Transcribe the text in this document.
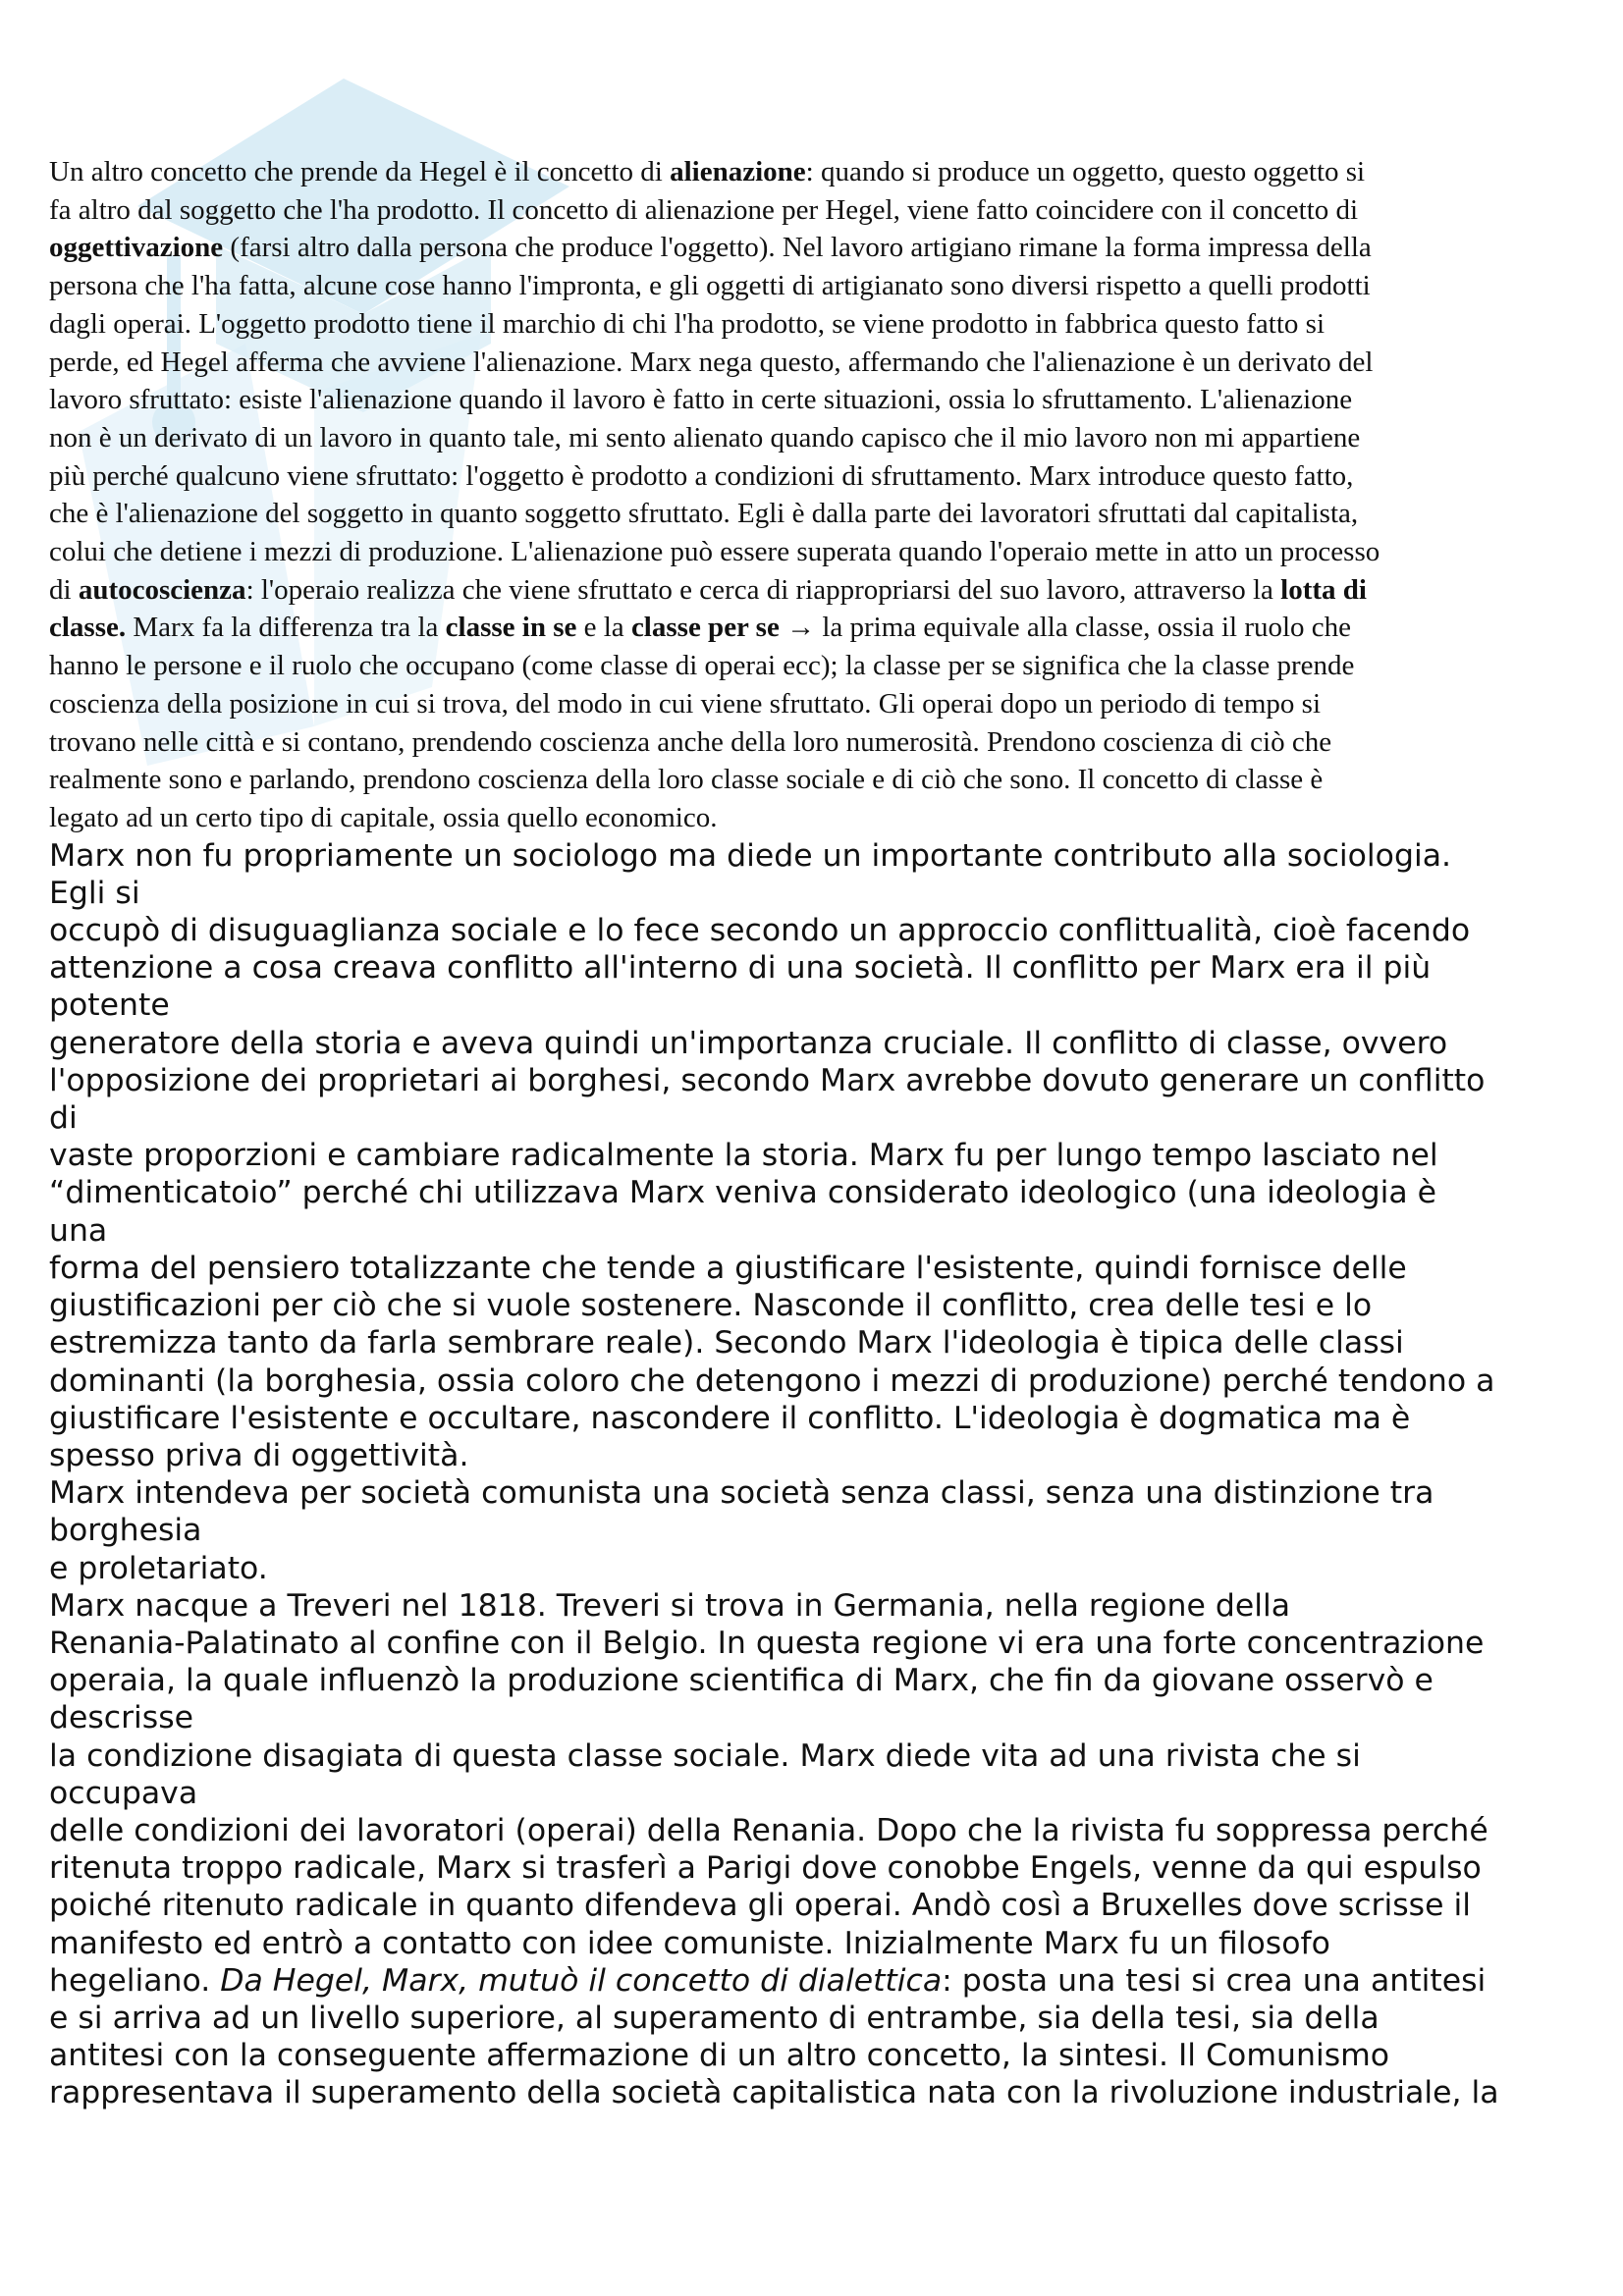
Un altro concetto che prende da Hegel è il concetto di alienazione: quando si produce un oggetto, questo oggetto si
fa altro dal soggetto che l'ha prodotto. Il concetto di alienazione per Hegel, viene fatto coincidere con il concetto di
oggettivazione (farsi altro dalla persona che produce l'oggetto). Nel lavoro artigiano rimane la forma impressa della
persona che l'ha fatta, alcune cose hanno l'impronta, e gli oggetti di artigianato sono diversi rispetto a quelli prodotti
dagli operai. L'oggetto prodotto tiene il marchio di chi l'ha prodotto, se viene prodotto in fabbrica questo fatto si
perde, ed Hegel afferma che avviene l'alienazione. Marx nega questo, affermando che l'alienazione è un derivato del
lavoro sfruttato: esiste l'alienazione quando il lavoro è fatto in certe situazioni, ossia lo sfruttamento. L'alienazione
non è un derivato di un lavoro in quanto tale, mi sento alienato quando capisco che il mio lavoro non mi appartiene
più perché qualcuno viene sfruttato: l'oggetto è prodotto a condizioni di sfruttamento. Marx introduce questo fatto,
che è l'alienazione del soggetto in quanto soggetto sfruttato. Egli è dalla parte dei lavoratori sfruttati dal capitalista,
colui che detiene i mezzi di produzione. L'alienazione può essere superata quando l'operaio mette in atto un processo
di autocoscienza: l'operaio realizza che viene sfruttato e cerca di riappropriarsi del suo lavoro, attraverso la lotta di
classe. Marx fa la differenza tra la classe in se e la classe per se → la prima equivale alla classe, ossia il ruolo che
hanno le persone e il ruolo che occupano (come classe di operai ecc); la classe per se significa che la classe prende
coscienza della posizione in cui si trova, del modo in cui viene sfruttato. Gli operai dopo un periodo di tempo si
trovano nelle città e si contano, prendendo coscienza anche della loro numerosità. Prendono coscienza di ciò che
realmente sono e parlando, prendono coscienza della loro classe sociale e di ciò che sono. Il concetto di classe è
legato ad un certo tipo di capitale, ossia quello economico.
Marx non fu propriamente un sociologo ma diede un importante contributo alla sociologia.
Egli si
occupò di disuguaglianza sociale e lo fece secondo un approccio conflittualità, cioè facendo
attenzione a cosa creava conflitto all'interno di una società. Il conflitto per Marx era il più
potente
generatore della storia e aveva quindi un'importanza cruciale. Il conflitto di classe, ovvero
l'opposizione dei proprietari ai borghesi, secondo Marx avrebbe dovuto generare un conflitto
di
vaste proporzioni e cambiare radicalmente la storia. Marx fu per lungo tempo lasciato nel
“dimenticatoio” perché chi utilizzava Marx veniva considerato ideologico (una ideologia è
una
forma del pensiero totalizzante che tende a giustificare l'esistente, quindi fornisce delle
giustificazioni per ciò che si vuole sostenere. Nasconde il conflitto, crea delle tesi e lo
estremizza tanto da farla sembrare reale). Secondo Marx l'ideologia è tipica delle classi
dominanti (la borghesia, ossia coloro che detengono i mezzi di produzione) perché tendono a
giustificare l'esistente e occultare, nascondere il conflitto. L'ideologia è dogmatica ma è
spesso priva di oggettività.
Marx intendeva per società comunista una società senza classi, senza una distinzione tra
borghesia
e proletariato.
Marx nacque a Treveri nel 1818. Treveri si trova in Germania, nella regione della
Renania-Palatinato al confine con il Belgio. In questa regione vi era una forte concentrazione
operaia, la quale influenzò la produzione scientifica di Marx, che fin da giovane osservò e
descrisse
la condizione disagiata di questa classe sociale. Marx diede vita ad una rivista che si
occupava
delle condizioni dei lavoratori (operai) della Renania. Dopo che la rivista fu soppressa perché
ritenuta troppo radicale, Marx si trasferì a Parigi dove conobbe Engels, venne da qui espulso
poiché ritenuto radicale in quanto difendeva gli operai. Andò così a Bruxelles dove scrisse il
manifesto ed entrò a contatto con idee comuniste. Inizialmente Marx fu un filosofo
hegeliano. Da Hegel, Marx, mutuò il concetto di dialettica: posta una tesi si crea una antitesi
e si arriva ad un livello superiore, al superamento di entrambe, sia della tesi, sia della
antitesi con la conseguente affermazione di un altro concetto, la sintesi. Il Comunismo
rappresentava il superamento della società capitalistica nata con la rivoluzione industriale, la
